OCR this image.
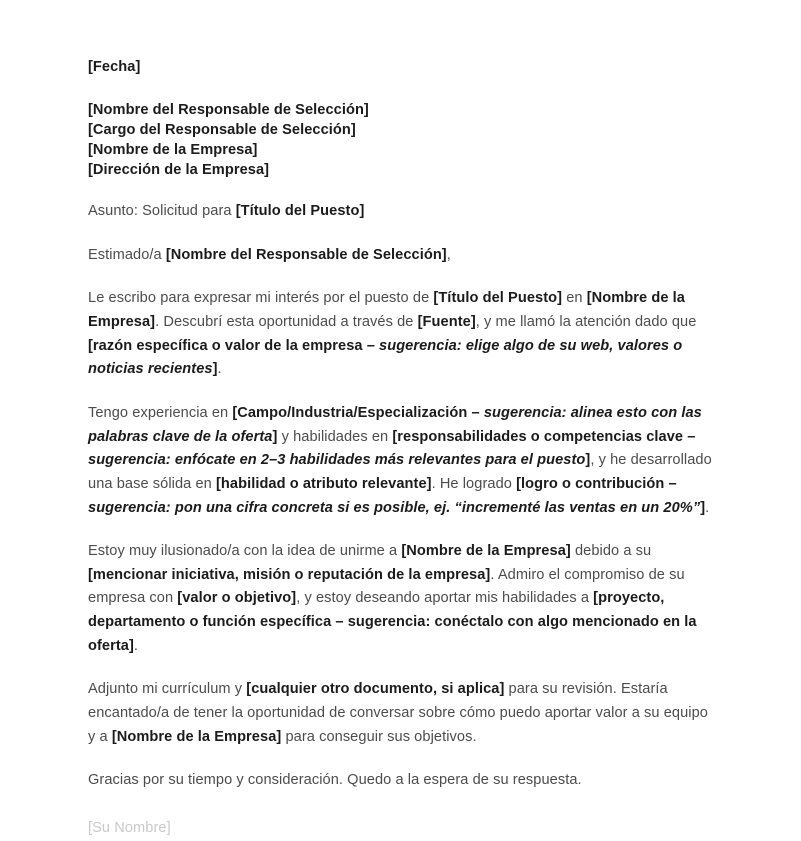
[Fecha]

[Nombre del Responsable de Selección]
[Cargo del Responsable de Selección]
[Nombre de la Empresa]
[Dirección de la Empresa]

Asunto: Solicitud para [Título del Puesto]

Estimado/a [Nombre del Responsable de Selección],

Le escribo para expresar mi interés por el puesto de [Título del Puesto] en [Nombre de la Empresa]. Descubrí esta oportunidad a través de [Fuente], y me llamó la atención dado que [razón específica o valor de la empresa – sugerencia: elige algo de su web, valores o noticias recientes].

Tengo experiencia en [Campo/Industria/Especialización – sugerencia: alinea esto con las palabras clave de la oferta] y habilidades en [responsabilidades o competencias clave – sugerencia: enfócate en 2–3 habilidades más relevantes para el puesto], y he desarrollado una base sólida en [habilidad o atributo relevante]. He logrado [logro o contribución – sugerencia: pon una cifra concreta si es posible, ej. “incrementé las ventas en un 20%”].

Estoy muy ilusionado/a con la idea de unirme a [Nombre de la Empresa] debido a su [mencionar iniciativa, misión o reputación de la empresa]. Admiro el compromiso de su empresa con [valor o objetivo], y estoy deseando aportar mis habilidades a [proyecto, departamento o función específica – sugerencia: conéctalo con algo mencionado en la oferta].

Adjunto mi currículum y [cualquier otro documento, si aplica] para su revisión. Estaría encantado/a de tener la oportunidad de conversar sobre cómo puedo aportar valor a su equipo y a [Nombre de la Empresa] para conseguir sus objetivos.

Gracias por su tiempo y consideración. Quedo a la espera de su respuesta.

[Su Nombre]
